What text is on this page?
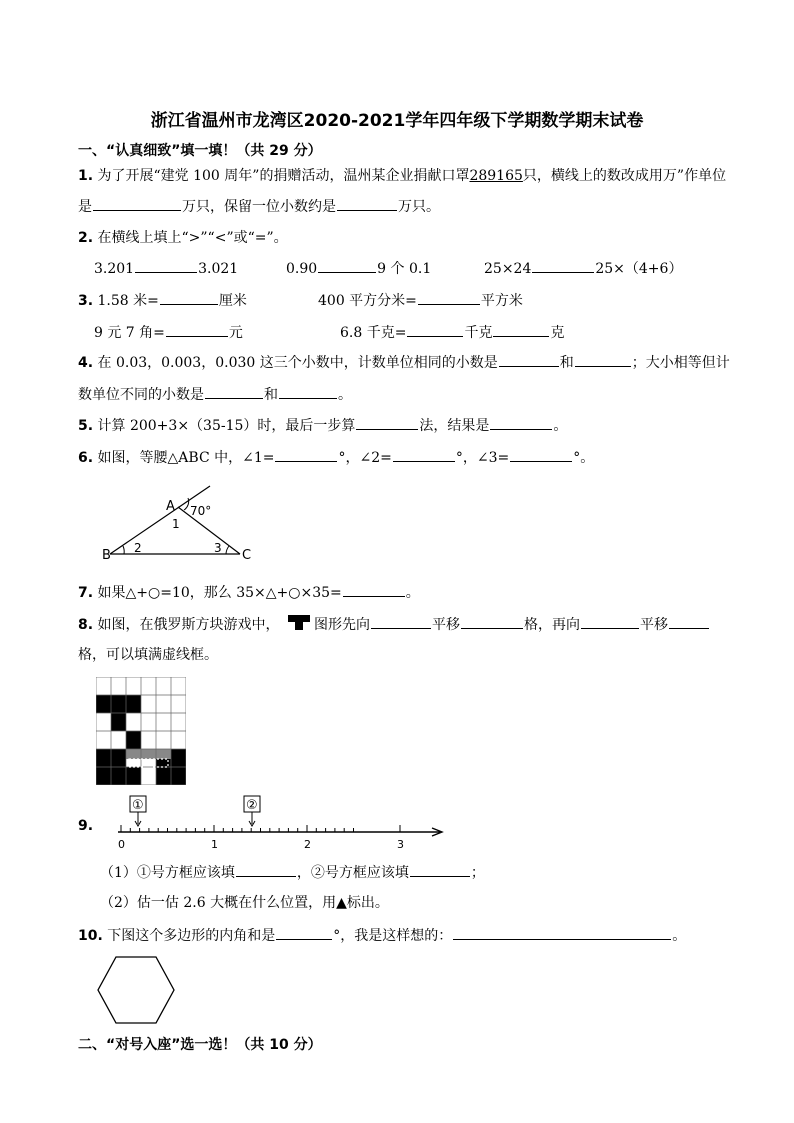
浙江省温州市龙湾区2020-2021学年四年级下学期数学期末试卷
一、“认真细致”填一填！（共 29 分）
1. 为了开展“建党 100 周年”的捐赠活动，温州某企业捐献口罩289165只，横线上的数改成用万”作单位
是	万只，保留一位小数约是	万只。
2. 在横线上填上“>”“<”或“=”。
3.201	3.021	0.90	9 个 0.1	25×24	25×（4+6）
3. 1.58 米=	厘米	400 平方分米=	平方米
9 元 7 角=	元	6.8 千克=	千克	克
4. 在 0.03，0.003，0.030 这三个小数中，计数单位相同的小数是	和	；大小相等但计
数单位不同的小数是	和	。
5. 计算 200+3×（35-15）时，最后一步算	法，结果是	。
6. 如图，等腰△ABC 中，∠1=	°，∠2=	°，∠3=	°。
A
B	C
70°
1
2	3
7. 如果△+○=10，那么 35×△+○×35=	。
8. 如图，在俄罗斯方块游戏中， 图形先向	平移	格，再向	平移
格，可以填满虚线框。
9.
①	②
0	1	2	3
（1）①号方框应该填	，②号方框应该填	；
（2）估一估 2.6 大概在什么位置，用▲标出。
10. 下图这个多边形的内角和是	°，我是这样想的：	。
二、“对号入座”选一选！（共 10 分）
